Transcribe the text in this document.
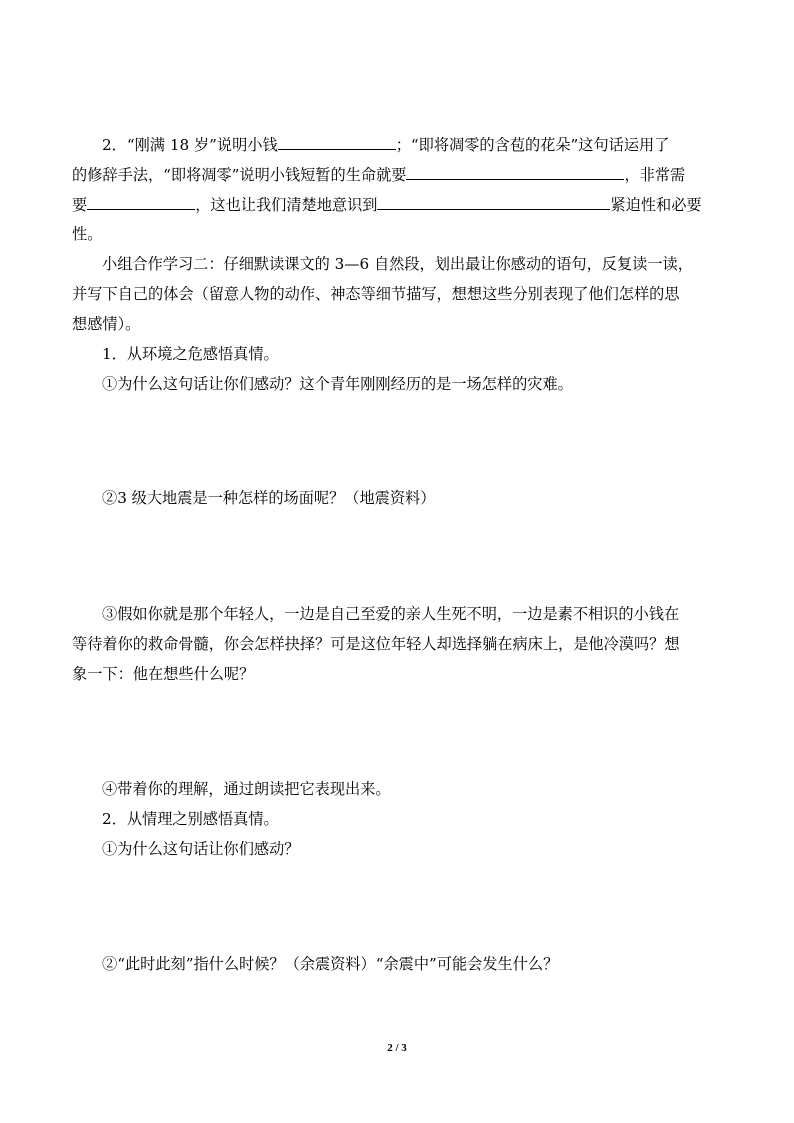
2．“刚满 18 岁”说明小钱	；“即将凋零的含苞的花朵”这句话运用了
的修辞手法，“即将凋零”说明小钱短暂的生命就要	，非常需
要	，这也让我们清楚地意识到	紧迫性和必要
性。
小组合作学习二：仔细默读课文的 3—6 自然段，划出最让你感动的语句，反复读一读，
并写下自己的体会（留意人物的动作、神态等细节描写，想想这些分别表现了他们怎样的思
想感情）。
1．从环境之危感悟真情。
①为什么这句话让你们感动？这个青年刚刚经历的是一场怎样的灾难。
②3 级大地震是一种怎样的场面呢？（地震资料）
③假如你就是那个年轻人，一边是自己至爱的亲人生死不明，一边是素不相识的小钱在
等待着你的救命骨髓，你会怎样抉择？可是这位年轻人却选择躺在病床上，是他冷漠吗？想
象一下：他在想些什么呢？
④带着你的理解，通过朗读把它表现出来。
2．从情理之别感悟真情。
①为什么这句话让你们感动？
②“此时此刻”指什么时候？（余震资料）“余震中”可能会发生什么？
2 / 3
